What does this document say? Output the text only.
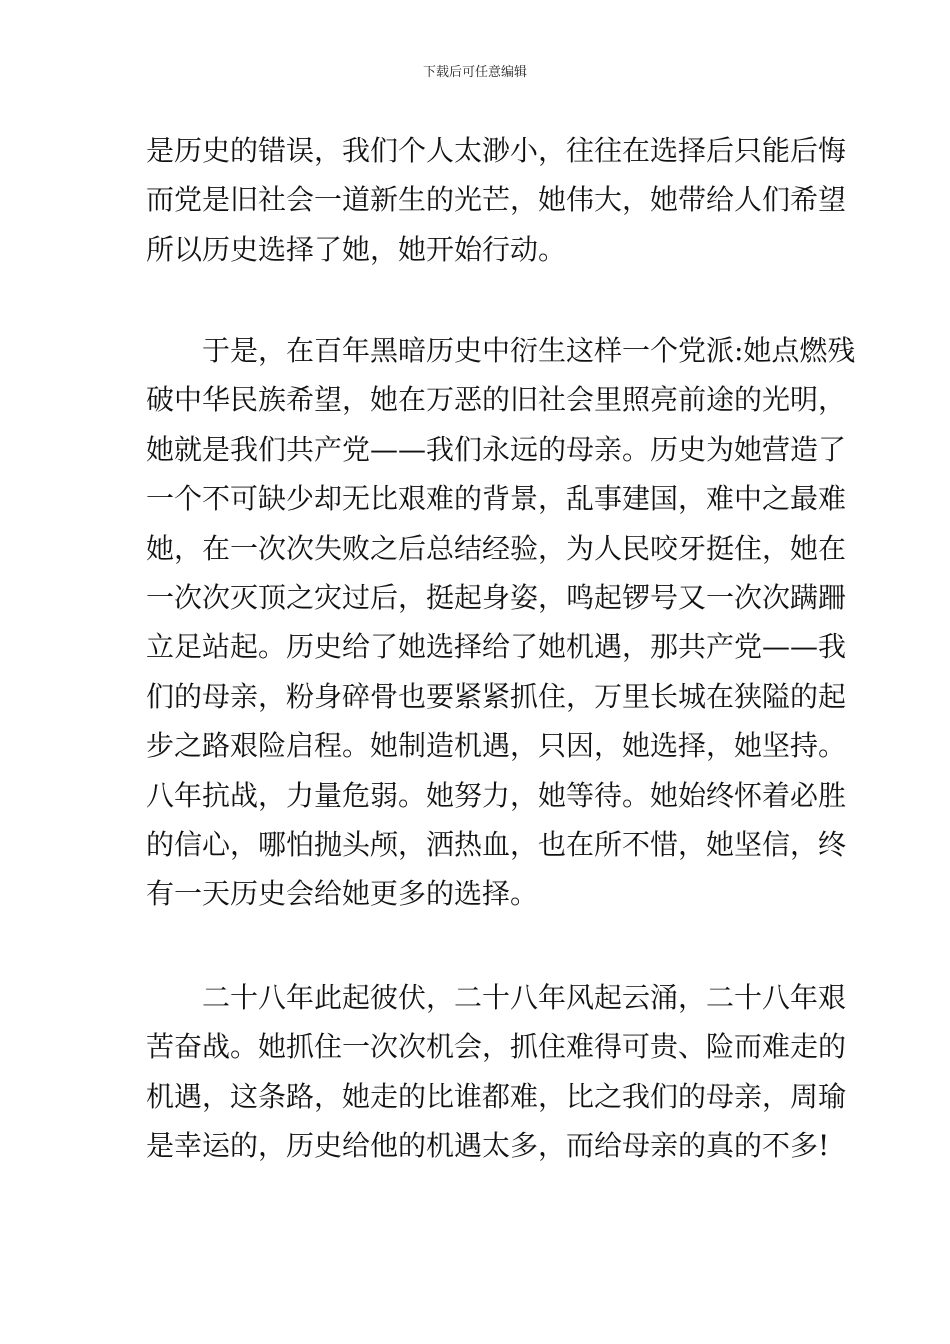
下载后可任意编辑
是历史的错误，我们个人太渺小，往往在选择后只能后悔
而党是旧社会一道新生的光芒，她伟大，她带给人们希望
所以历史选择了她，她开始行动。
于是，在百年黑暗历史中衍生这样一个党派:她点燃残
破中华民族希望，她在万恶的旧社会里照亮前途的光明，
她就是我们共产党——我们永远的母亲。历史为她营造了
一个不可缺少却无比艰难的背景，乱事建国，难中之最难
她，在一次次失败之后总结经验，为人民咬牙挺住，她在
一次次灭顶之灾过后，挺起身姿，鸣起锣号又一次次蹒跚
立足站起。历史给了她选择给了她机遇，那共产党——我
们的母亲，粉身碎骨也要紧紧抓住，万里长城在狭隘的起
步之路艰险启程。她制造机遇，只因，她选择，她坚持。
八年抗战，力量危弱。她努力，她等待。她始终怀着必胜
的信心，哪怕抛头颅，洒热血，也在所不惜，她坚信，终
有一天历史会给她更多的选择。
二十八年此起彼伏，二十八年风起云涌，二十八年艰
苦奋战。她抓住一次次机会，抓住难得可贵、险而难走的
机遇，这条路，她走的比谁都难，比之我们的母亲，周瑜
是幸运的，历史给他的机遇太多，而给母亲的真的不多!
